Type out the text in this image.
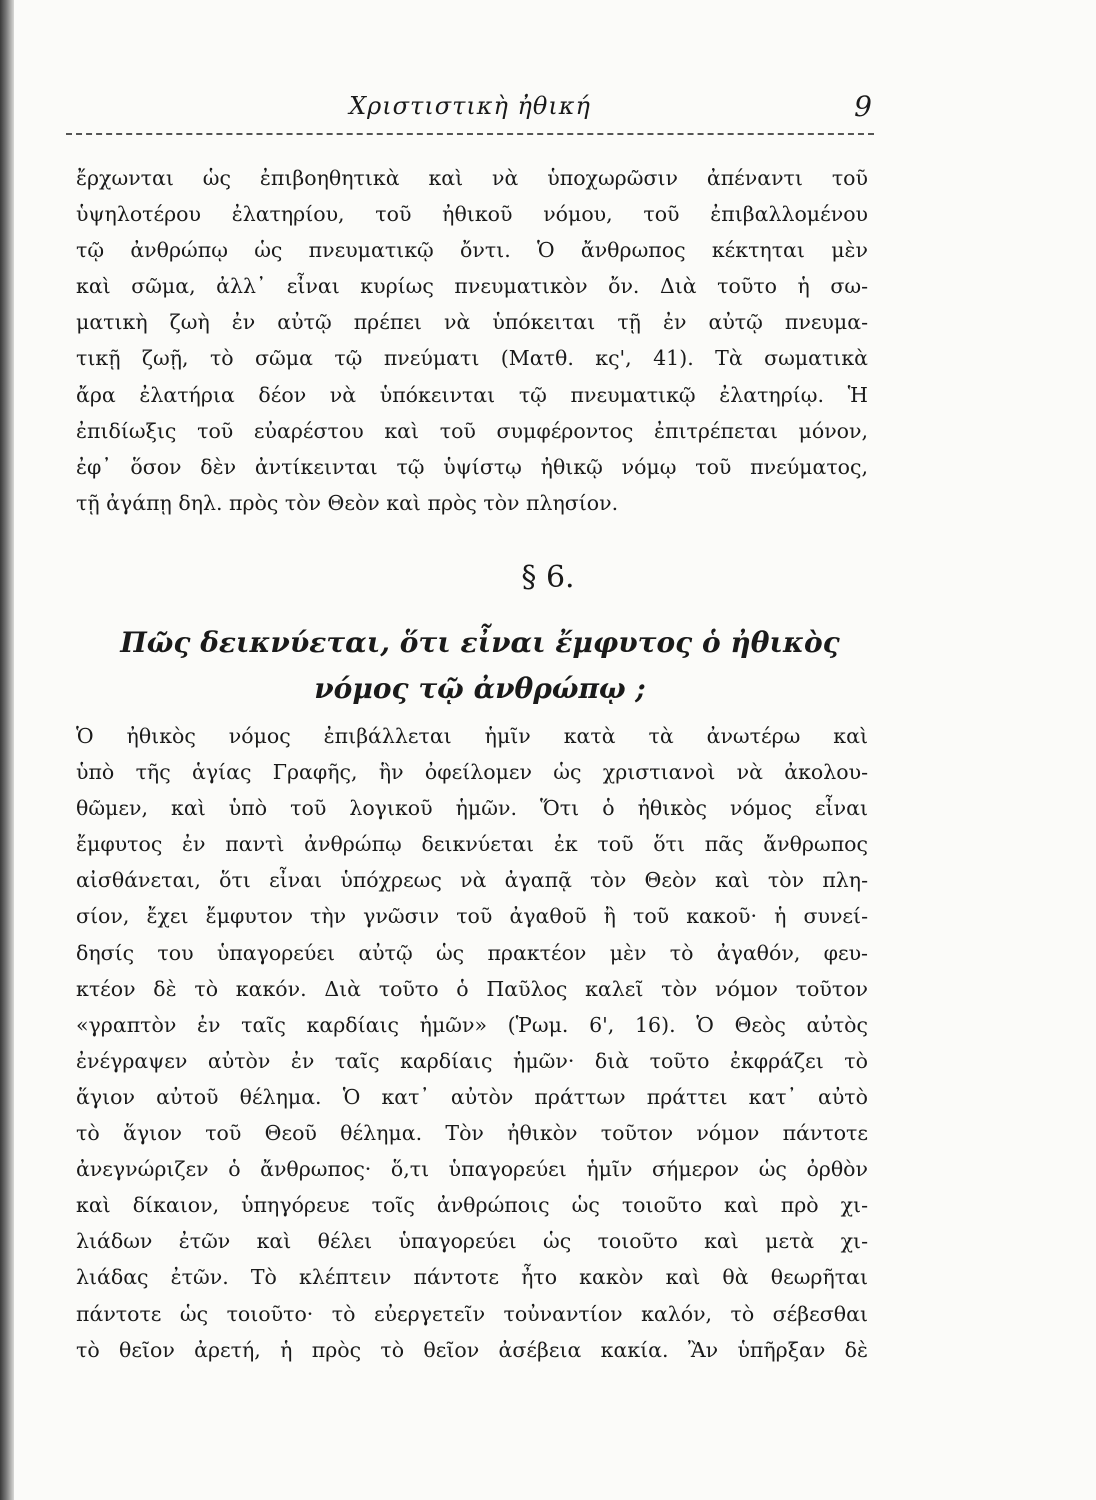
Χριστιστικὴ ἠθική	9
ἔρχωνται ὡς ἐπιβοηθητικὰ καὶ νὰ ὑποχωρῶσιν ἀπέναντι τοῦ
ὑψηλοτέρου ἐλατηρίου, τοῦ ἠθικοῦ νόμου, τοῦ ἐπιβαλλομένου
τῷ ἀνθρώπῳ ὡς πνευματικῷ ὄντι. Ὁ ἄνθρωπος κέκτηται μὲν
καὶ σῶμα, ἀλλ᾽ εἶναι κυρίως πνευματικὸν ὄν. Διὰ τοῦτο ἡ σω-
ματικὴ ζωὴ ἐν αὐτῷ πρέπει νὰ ὑπόκειται τῇ ἐν αὐτῷ πνευμα-
τικῇ ζωῇ, τὸ σῶμα τῷ πνεύματι (Ματθ. κς', 41). Τὰ σωματικὰ
ἄρα ἐλατήρια δέον νὰ ὑπόκεινται τῷ πνευματικῷ ἐλατηρίῳ. Ἡ
ἐπιδίωξις τοῦ εὐαρέστου καὶ τοῦ συμφέροντος ἐπιτρέπεται μόνον,
ἐφ᾽ ὅσον δὲν ἀντίκεινται τῷ ὑψίστῳ ἠθικῷ νόμῳ τοῦ πνεύματος,
τῇ ἀγάπῃ δηλ. πρὸς τὸν Θεὸν καὶ πρὸς τὸν πλησίον.
§ 6.
Πῶς δεικνύεται, ὅτι εἶναι ἔμφυτος ὁ ἠθικὸς
νόμος τῷ ἀνθρώπῳ ;
Ὁ ἠθικὸς νόμος ἐπιβάλλεται ἡμῖν κατὰ τὰ ἀνωτέρω καὶ
ὑπὸ τῆς ἁγίας Γραφῆς, ἣν ὀφείλομεν ὡς χριστιανοὶ νὰ ἀκολου-
θῶμεν, καὶ ὑπὸ τοῦ λογικοῦ ἡμῶν. Ὅτι ὁ ἠθικὸς νόμος εἶναι
ἔμφυτος ἐν παντὶ ἀνθρώπῳ δεικνύεται ἐκ τοῦ ὅτι πᾶς ἄνθρωπος
αἰσθάνεται, ὅτι εἶναι ὑπόχρεως νὰ ἀγαπᾷ τὸν Θεὸν καὶ τὸν πλη-
σίον, ἔχει ἔμφυτον τὴν γνῶσιν τοῦ ἀγαθοῦ ἢ τοῦ κακοῦ· ἡ συνεί-
δησίς του ὑπαγορεύει αὐτῷ ὡς πρακτέον μὲν τὸ ἀγαθόν, φευ-
κτέον δὲ τὸ κακόν. Διὰ τοῦτο ὁ Παῦλος καλεῖ τὸν νόμον τοῦτον
«γραπτὸν ἐν ταῖς καρδίαις ἡμῶν» (Ῥωμ. 6', 16). Ὁ Θεὸς αὐτὸς
ἐνέγραψεν αὐτὸν ἐν ταῖς καρδίαις ἡμῶν· διὰ τοῦτο ἐκφράζει τὸ
ἅγιον αὐτοῦ θέλημα. Ὁ κατ᾽ αὐτὸν πράττων πράττει κατ᾽ αὐτὸ
τὸ ἅγιον τοῦ Θεοῦ θέλημα. Τὸν ἠθικὸν τοῦτον νόμον πάντοτε
ἀνεγνώριζεν ὁ ἄνθρωπος· ὅ,τι ὑπαγορεύει ἡμῖν σήμερον ὡς ὀρθὸν
καὶ δίκαιον, ὑπηγόρευε τοῖς ἀνθρώποις ὡς τοιοῦτο καὶ πρὸ χι-
λιάδων ἐτῶν καὶ θέλει ὑπαγορεύει ὡς τοιοῦτο καὶ μετὰ χι-
λιάδας ἐτῶν. Τὸ κλέπτειν πάντοτε ἦτο κακὸν καὶ θὰ θεωρῆται
πάντοτε ὡς τοιοῦτο· τὸ εὐεργετεῖν τοὐναντίον καλόν, τὸ σέβεσθαι
τὸ θεῖον ἀρετή, ἡ πρὸς τὸ θεῖον ἀσέβεια κακία. Ἂν ὑπῆρξαν δὲ
